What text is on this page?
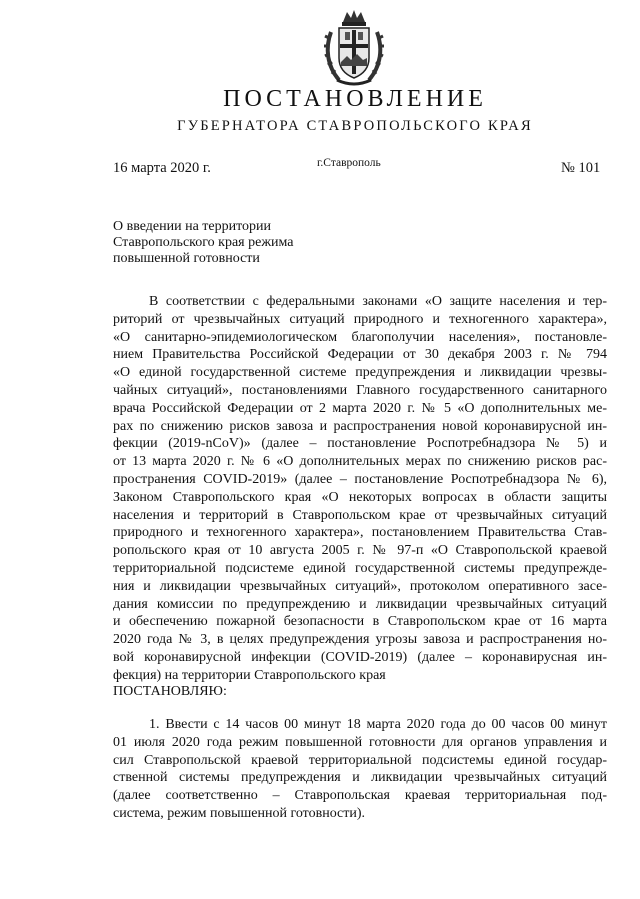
ПОСТАНОВЛЕНИЕ
ГУБЕРНАТОРА СТАВРОПОЛЬСКОГО КРАЯ
16 марта 2020 г.	г.Ставрополь	№ 101
О введении на территории
Ставропольского края режима
повышенной готовности
В соответствии с федеральными законами «О защите населения и тер-
риторий от чрезвычайных ситуаций природного и техногенного характера»,
«О санитарно-эпидемиологическом благополучии населения», постановле-
нием Правительства Российской Федерации от 30 декабря 2003 г. № 794
«О единой государственной системе предупреждения и ликвидации чрезвы-
чайных ситуаций», постановлениями Главного государственного санитарного
врача Российской Федерации от 2 марта 2020 г. № 5 «О дополнительных ме-
рах по снижению рисков завоза и распространения новой коронавирусной ин-
фекции (2019-nCoV)» (далее – постановление Роспотребнадзора № 5) и
от 13 марта 2020 г. № 6 «О дополнительных мерах по снижению рисков рас-
пространения COVID-2019» (далее – постановление Роспотребнадзора № 6),
Законом Ставропольского края «О некоторых вопросах в области защиты
населения и территорий в Ставропольском крае от чрезвычайных ситуаций
природного и техногенного характера», постановлением Правительства Став-
ропольского края от 10 августа 2005 г. № 97-п «О Ставропольской краевой
территориальной подсистеме единой государственной системы предупрежде-
ния и ликвидации чрезвычайных ситуаций», протоколом оперативного засе-
дания комиссии по предупреждению и ликвидации чрезвычайных ситуаций
и обеспечению пожарной безопасности в Ставропольском крае от 16 марта
2020 года № 3, в целях предупреждения угрозы завоза и распространения но-
вой коронавирусной инфекции (COVID-2019) (далее – коронавирусная ин-
фекция) на территории Ставропольского края
ПОСТАНОВЛЯЮ:
1. Ввести с 14 часов 00 минут 18 марта 2020 года до 00 часов 00 минут
01 июля 2020 года режим повышенной готовности для органов управления и
сил Ставропольской краевой территориальной подсистемы единой государ-
ственной системы предупреждения и ликвидации чрезвычайных ситуаций
(далее соответственно – Ставропольская краевая территориальная под-
система, режим повышенной готовности).
